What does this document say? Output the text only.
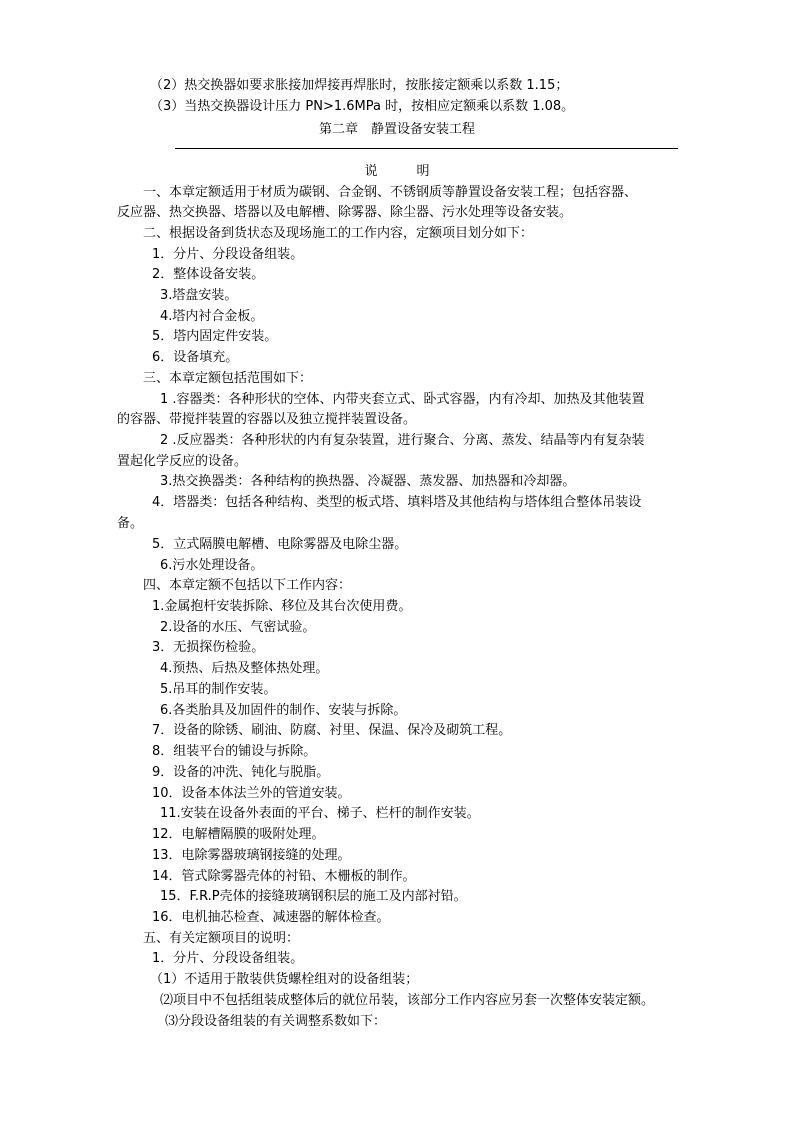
（2）热交换器如要求胀接加焊接再焊胀时，按胀接定额乘以系数 1.15；
（3）当热交换器设计压力 PN>1.6MPa 时，按相应定额乘以系数 1.08。
第二章　静置设备安装工程
说　　　明
一、本章定额适用于材质为碳钢、合金钢、不锈钢质等静置设备安装工程；包括容器、
反应器、热交换器、塔器以及电解槽、除雾器、除尘器、污水处理等设备安装。
二、根据设备到货状态及现场施工的工作内容，定额项目划分如下：
1．分片、分段设备组装。
2．整体设备安装。
3.塔盘安装。
4.塔内衬合金板。
5．塔内固定件安装。
6．设备填充。
三、本章定额包括范围如下：
1 .容器类：各种形状的空体、内带夹套立式、卧式容器，内有冷却、加热及其他装置
的容器、带搅拌装置的容器以及独立搅拌装置设备。
2 .反应器类：各种形状的内有复杂装置，进行聚合、分离、蒸发、结晶等内有复杂装
置起化学反应的设备。
3.热交换器类：各种结构的换热器、冷凝器、蒸发器、加热器和冷却器。
4．塔器类：包括各种结构、类型的板式塔、填料塔及其他结构与塔体组合整体吊装设
备。
5．立式隔膜电解槽、电除雾器及电除尘器。
6.污水处理设备。
四、本章定额不包括以下工作内容：
1.金属抱杆安装拆除、移位及其台次使用费。
2.设备的水压、气密试验。
3．无损探伤检验。
4.预热、后热及整体热处理。
5.吊耳的制作安装。
6.各类胎具及加固件的制作、安装与拆除。
7．设备的除锈、刷油、防腐、衬里、保温、保冷及砌筑工程。
8．组装平台的铺设与拆除。
9．设备的冲洗、钝化与脱脂。
10．设备本体法兰外的管道安装。
11.安装在设备外表面的平台、梯子、栏杆的制作安装。
12．电解槽隔膜的吸附处理。
13．电除雾器玻璃钢接缝的处理。
14．管式除雾器壳体的衬铅、木栅板的制作。
15．F.R.P壳体的接缝玻璃钢积层的施工及内部衬铅。
16．电机抽芯检查、减速器的解体检查。
五、有关定额项目的说明：
1．分片、分段设备组装。
（1）不适用于散装供货螺栓组对的设备组装；
⑵项目中不包括组装成整体后的就位吊装，该部分工作内容应另套一次整体安装定额。
⑶分段设备组装的有关调整系数如下：
